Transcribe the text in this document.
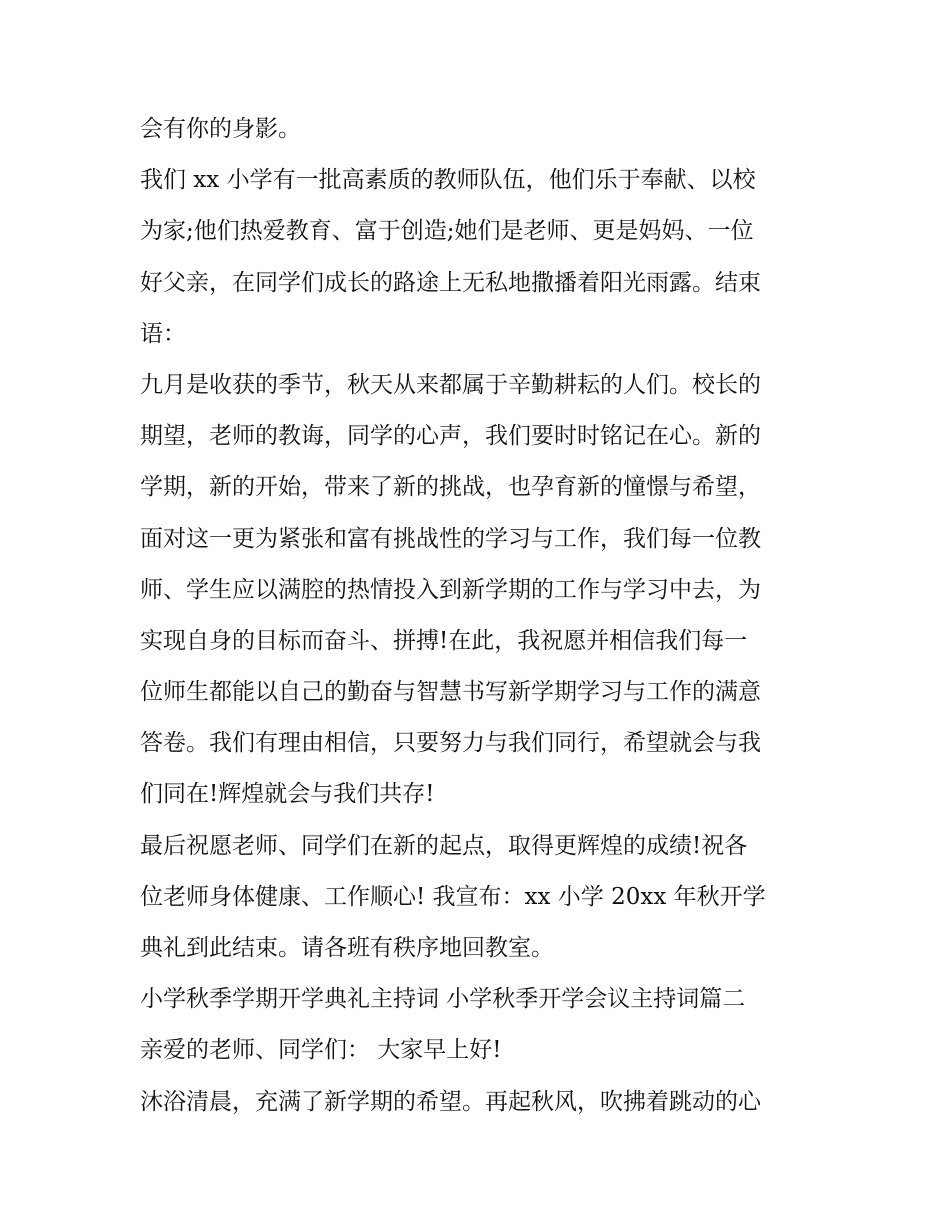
会有你的身影。
我们 xx 小学有一批高素质的教师队伍，他们乐于奉献、以校
为家;他们热爱教育、富于创造;她们是老师、更是妈妈、一位
好父亲，在同学们成长的路途上无私地撒播着阳光雨露。结束
语：
九月是收获的季节，秋天从来都属于辛勤耕耘的人们。校长的
期望，老师的教诲，同学的心声，我们要时时铭记在心。新的
学期，新的开始，带来了新的挑战，也孕育新的憧憬与希望，
面对这一更为紧张和富有挑战性的学习与工作，我们每一位教
师、学生应以满腔的热情投入到新学期的工作与学习中去，为
实现自身的目标而奋斗、拼搏!在此，我祝愿并相信我们每一
位师生都能以自己的勤奋与智慧书写新学期学习与工作的满意
答卷。我们有理由相信，只要努力与我们同行，希望就会与我
们同在!辉煌就会与我们共存!
最后祝愿老师、同学们在新的起点，取得更辉煌的成绩!祝各
位老师身体健康、工作顺心! 我宣布：xx 小学 20xx 年秋开学
典礼到此结束。请各班有秩序地回教室。
小学秋季学期开学典礼主持词 小学秋季开学会议主持词篇二
亲爱的老师、同学们： 大家早上好!
沐浴清晨，充满了新学期的希望。再起秋风，吹拂着跳动的心
